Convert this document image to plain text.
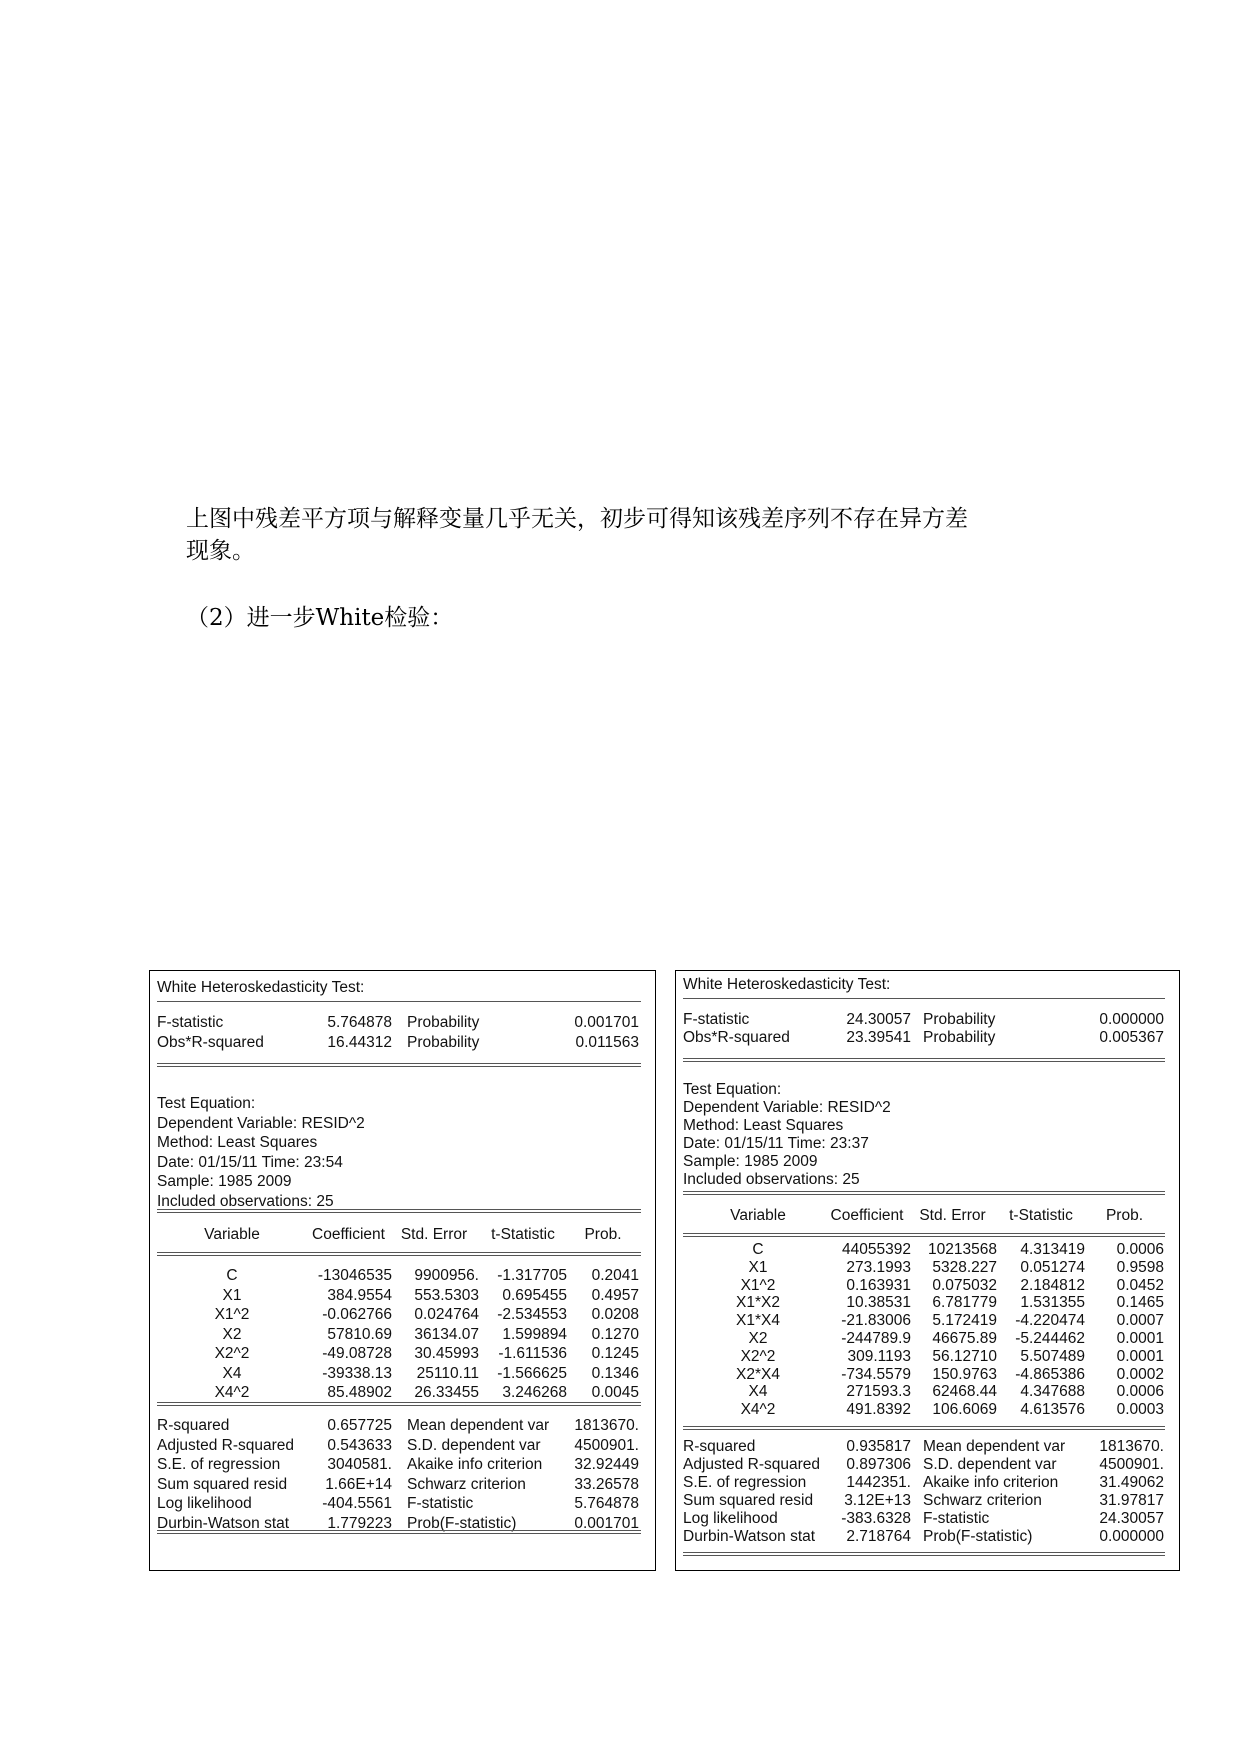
上图中残差平方项与解释变量几乎无关，初步可得知该残差序列不存在异方差
现象。
（2）进一步White检验：
White Heteroskedasticity Test:
F-statistic	5.764878 Probability	0.001701
Obs*R-squared	16.44312 Probability	0.011563
Test Equation:
Dependent Variable: RESID^2
Method: Least Squares
Date: 01/15/11 Time: 23:54
Sample: 1985 2009
Included observations: 25
Variable	Coefficient	Std. Error	t-Statistic	Prob.
C	-13046535	9900956.	-1.317705	0.2041
X1	384.9554	553.5303	0.695455	0.4957
X1^2	-0.062766	0.024764	-2.534553	0.0208
X2	57810.69	36134.07	1.599894	0.1270
X2^2	-49.08728	30.45993	-1.611536	0.1245
X4	-39338.13	25110.11	-1.566625	0.1346
X4^2	85.48902	26.33455	3.246268	0.0045
R-squared	0.657725 Mean dependent var	1813670.
Adjusted R-squared	0.543633 S.D. dependent var	4500901.
S.E. of regression	3040581. Akaike info criterion	32.92449
Sum squared resid	1.66E+14 Schwarz criterion	33.26578
Log likelihood	-404.5561 F-statistic	5.764878
Durbin-Watson stat	1.779223 Prob(F-statistic)	0.001701
White Heteroskedasticity Test:
F-statistic	24.30057 Probability	0.000000
Obs*R-squared	23.39541 Probability	0.005367
Test Equation:
Dependent Variable: RESID^2
Method: Least Squares
Date: 01/15/11 Time: 23:37
Sample: 1985 2009
Included observations: 25
Variable	Coefficient	Std. Error	t-Statistic	Prob.
C	44055392	10213568	4.313419	0.0006
X1	273.1993	5328.227	0.051274	0.9598
X1^2	0.163931	0.075032	2.184812	0.0452
X1*X2	10.38531	6.781779	1.531355	0.1465
X1*X4	-21.83006	5.172419	-4.220474	0.0007
X2	-244789.9	46675.89	-5.244462	0.0001
X2^2	309.1193	56.12710	5.507489	0.0001
X2*X4	-734.5579	150.9763	-4.865386	0.0002
X4	271593.3	62468.44	4.347688	0.0006
X4^2	491.8392	106.6069	4.613576	0.0003
R-squared	0.935817 Mean dependent var	1813670.
Adjusted R-squared	0.897306 S.D. dependent var	4500901.
S.E. of regression	1442351. Akaike info criterion	31.49062
Sum squared resid	3.12E+13 Schwarz criterion	31.97817
Log likelihood	-383.6328 F-statistic	24.30057
Durbin-Watson stat	2.718764 Prob(F-statistic)	0.000000
